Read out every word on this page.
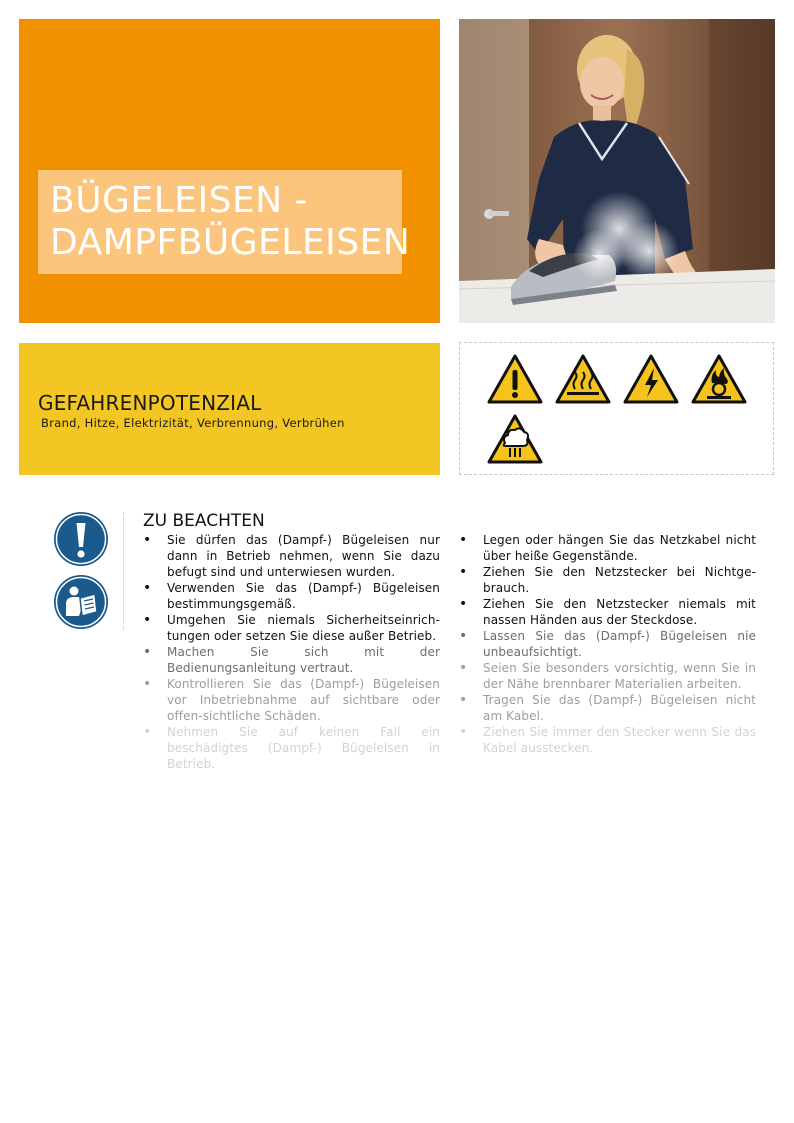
BÜGELEISEN -
DAMPFBÜGELEISEN
GEFAHRENPOTENZIAL
Brand, Hitze, Elektrizität, Verbrennung, Verbrühen
ZU BEACHTEN
• Sie dürfen das (Dampf-) Bügeleisen nur dann in Betrieb nehmen, wenn Sie dazu befugt sind und unterwiesen wurden.
• Verwenden Sie das (Dampf-) Bügeleisen bestimmungsgemäß.
• Umgehen Sie niemals Sicherheitseinrich-tungen oder setzen Sie diese außer Betrieb.
• Machen Sie sich mit der Bedienungsanleitung vertraut.
• Kontrollieren Sie das (Dampf-) Bügeleisen vor Inbetriebnahme auf sichtbare oder offen-sichtliche Schäden.
• Nehmen Sie auf keinen Fall ein beschädigtes (Dampf-) Bügeleisen in Betrieb.
• Legen oder hängen Sie das Netzkabel nicht über heiße Gegenstände.
• Ziehen Sie den Netzstecker bei Nichtge-brauch.
• Ziehen Sie den Netzstecker niemals mit nassen Händen aus der Steckdose.
• Lassen Sie das (Dampf-) Bügeleisen nie unbeaufsichtigt.
• Seien Sie besonders vorsichtig, wenn Sie in der Nähe brennbarer Materialien arbeiten.
• Tragen Sie das (Dampf-) Bügeleisen nicht am Kabel.
• Ziehen Sie immer den Stecker wenn Sie das Kabel ausstecken.
